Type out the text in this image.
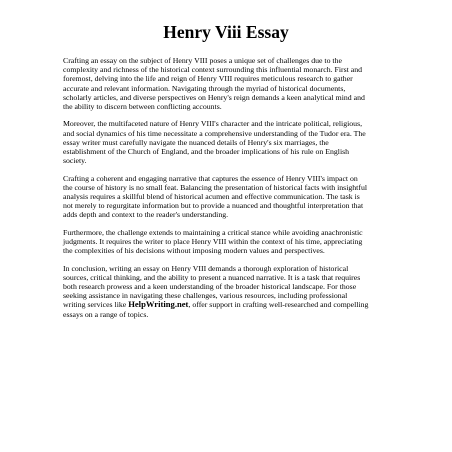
Henry Viii Essay

Crafting an essay on the subject of Henry VIII poses a unique set of challenges due to the
complexity and richness of the historical context surrounding this influential monarch. First and
foremost, delving into the life and reign of Henry VIII requires meticulous research to gather
accurate and relevant information. Navigating through the myriad of historical documents,
scholarly articles, and diverse perspectives on Henry's reign demands a keen analytical mind and
the ability to discern between conflicting accounts.

Moreover, the multifaceted nature of Henry VIII's character and the intricate political, religious,
and social dynamics of his time necessitate a comprehensive understanding of the Tudor era. The
essay writer must carefully navigate the nuanced details of Henry's six marriages, the
establishment of the Church of England, and the broader implications of his rule on English
society.

Crafting a coherent and engaging narrative that captures the essence of Henry VIII's impact on
the course of history is no small feat. Balancing the presentation of historical facts with insightful
analysis requires a skillful blend of historical acumen and effective communication. The task is
not merely to regurgitate information but to provide a nuanced and thoughtful interpretation that
adds depth and context to the reader's understanding.

Furthermore, the challenge extends to maintaining a critical stance while avoiding anachronistic
judgments. It requires the writer to place Henry VIII within the context of his time, appreciating
the complexities of his decisions without imposing modern values and perspectives.

In conclusion, writing an essay on Henry VIII demands a thorough exploration of historical
sources, critical thinking, and the ability to present a nuanced narrative. It is a task that requires
both research prowess and a keen understanding of the broader historical landscape. For those
seeking assistance in navigating these challenges, various resources, including professional
writing services like HelpWriting.net, offer support in crafting well-researched and compelling
essays on a range of topics.
